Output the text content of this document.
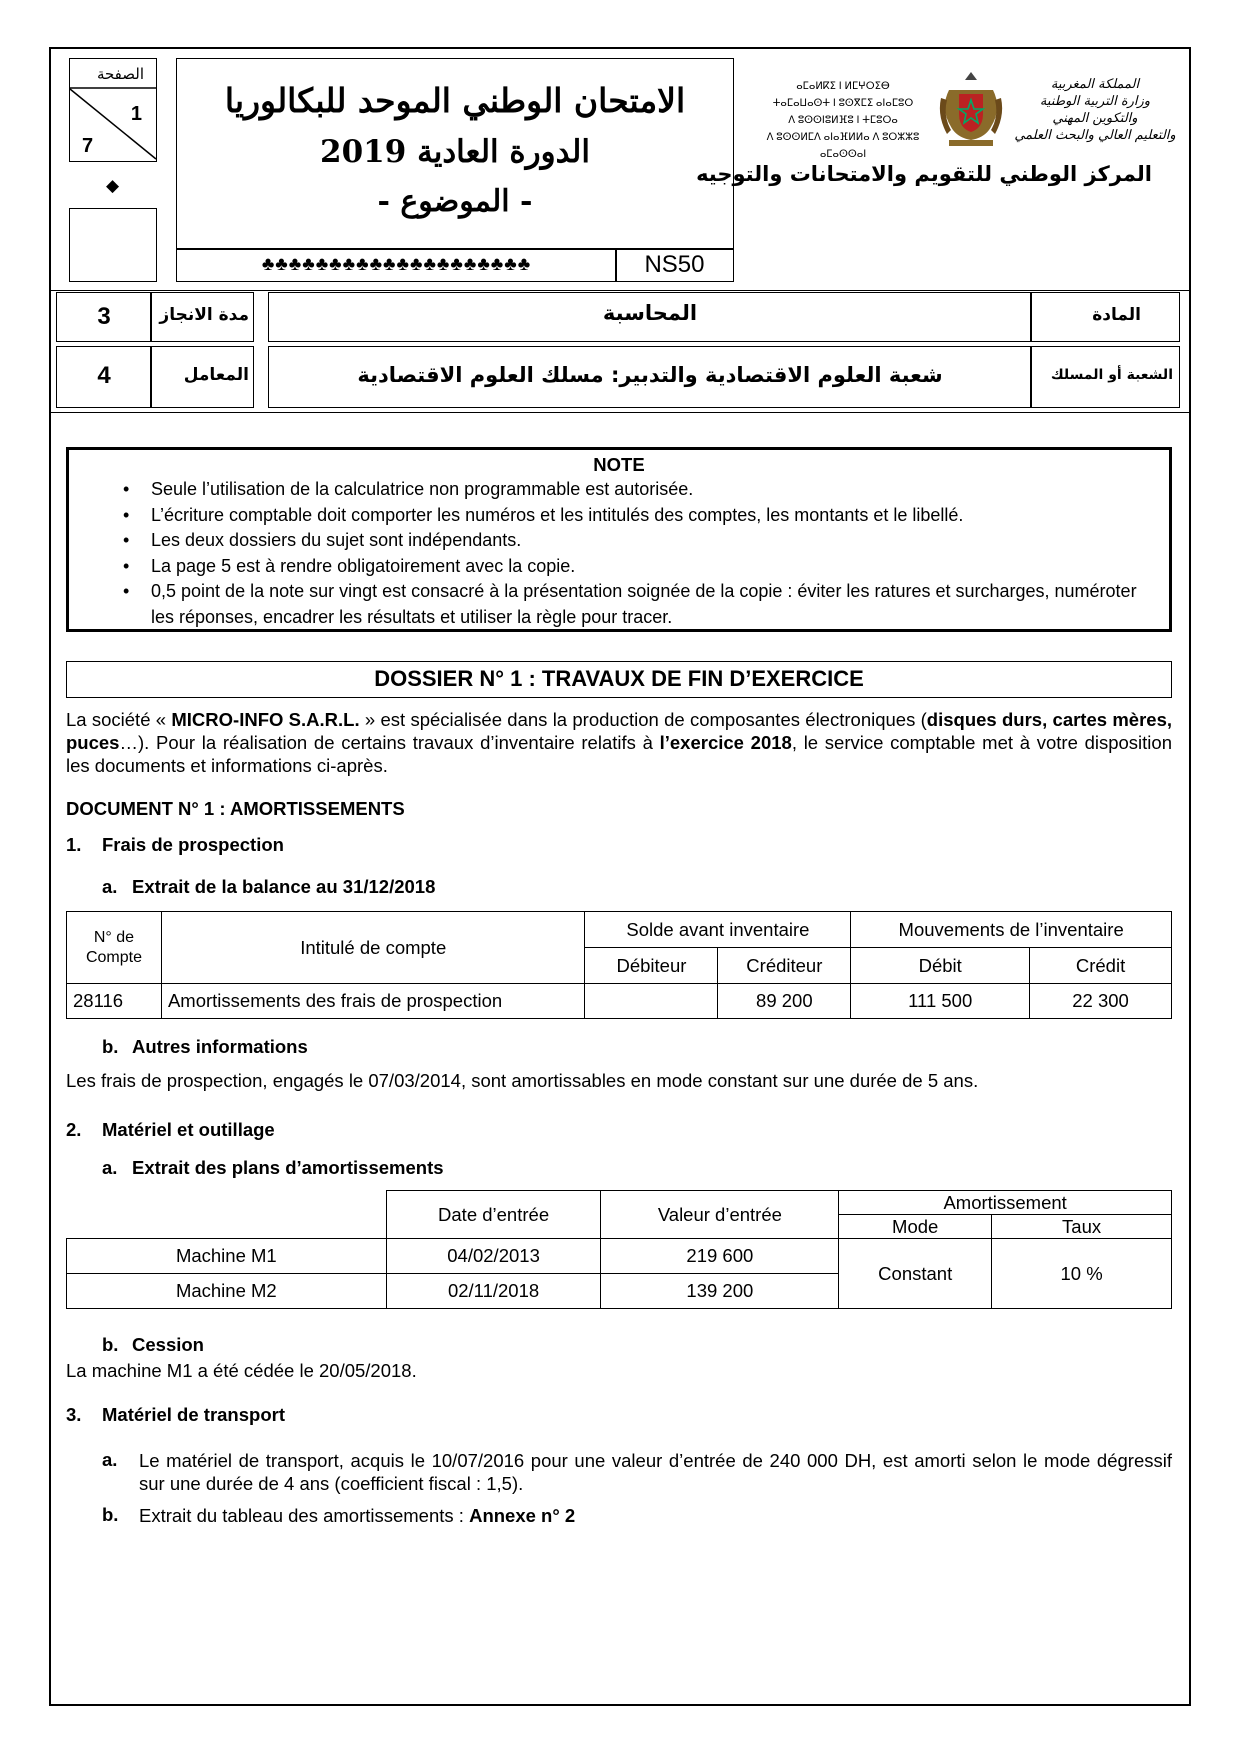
الصفحة
1
7
◆
الامتحان الوطني الموحد للبكالوريا
الدورة العادية 2019
- الموضوع -
♣♣♣♣♣♣♣♣♣♣♣♣♣♣♣♣♣♣♣♣	NS50
ⴰⵎⴰⵍⴽⵉ ⵏ ⵍⵎⵖⵔⵉⴱ
ⵜⴰⵎⴰⵡⴰⵙⵜ ⵏ ⵓⵙⴳⵎⵉ ⴰⵏⴰⵎⵓⵔ
ⴷ ⵓⵙⵙⵏⵓⵍⴼⵓ ⵏ ⵜⵎⵓⵔⴰ
ⴷ ⵓⵙⵙⵍⵎⴷ ⴰⵏⴰⴼⵍⵍⴰ ⴷ ⵓⵔⵣⵣⵓ ⴰⵎⴰⵙⵙⴰⵏ
المملكة المغربية
وزارة التربية الوطنية
والتكوين المهني
والتعليم العالي والبحث العلمي
المركز الوطني للتقويم والامتحانات والتوجيه
3	مدة الانجاز	المحاسبة	المادة
4	المعامل	شعبة العلوم الاقتصادية والتدبير: مسلك العلوم الاقتصادية	الشعبة أو المسلك
NOTE
• Seule l’utilisation de la calculatrice non programmable est autorisée.
• L’écriture comptable doit comporter les numéros et les intitulés des comptes, les montants et le libellé.
• Les deux dossiers du sujet sont indépendants.
• La page 5 est à rendre obligatoirement avec la copie.
• 0,5 point de la note sur vingt est consacré à la présentation soignée de la copie : éviter les ratures et surcharges, numéroter les réponses, encadrer les résultats et utiliser la règle pour tracer.
DOSSIER N° 1 : TRAVAUX DE FIN D’EXERCICE
La société « MICRO-INFO S.A.R.L. » est spécialisée dans la production de composantes électroniques (disques durs, cartes mères, puces…). Pour la réalisation de certains travaux d’inventaire relatifs à l’exercice 2018, le service comptable met à votre disposition les documents et informations ci-après.
DOCUMENT N° 1 : AMORTISSEMENTS
1. Frais de prospection
a. Extrait de la balance au 31/12/2018
N° de Compte	Intitulé de compte	Solde avant inventaire		Mouvements de l’inventaire	
		Débiteur	Créditeur	Débit	Crédit
28116	Amortissements des frais de prospection		89 200	111 500	22 300
b. Autres informations
Les frais de prospection, engagés le 07/03/2014, sont amortissables en mode constant sur une durée de 5 ans.
2. Matériel et outillage
a. Extrait des plans d’amortissements
	Date d’entrée	Valeur d’entrée	Amortissement	
			Mode	Taux
Machine M1	04/02/2013	219 600	Constant	10 %
Machine M2	02/11/2018	139 200		
b. Cession
La machine M1 a été cédée le 20/05/2018.
3. Matériel de transport
a. Le matériel de transport, acquis le 10/07/2016 pour une valeur d’entrée de 240 000 DH, est amorti selon le mode dégressif sur une durée de 4 ans (coefficient fiscal : 1,5).
b. Extrait du tableau des amortissements : Annexe n° 2
